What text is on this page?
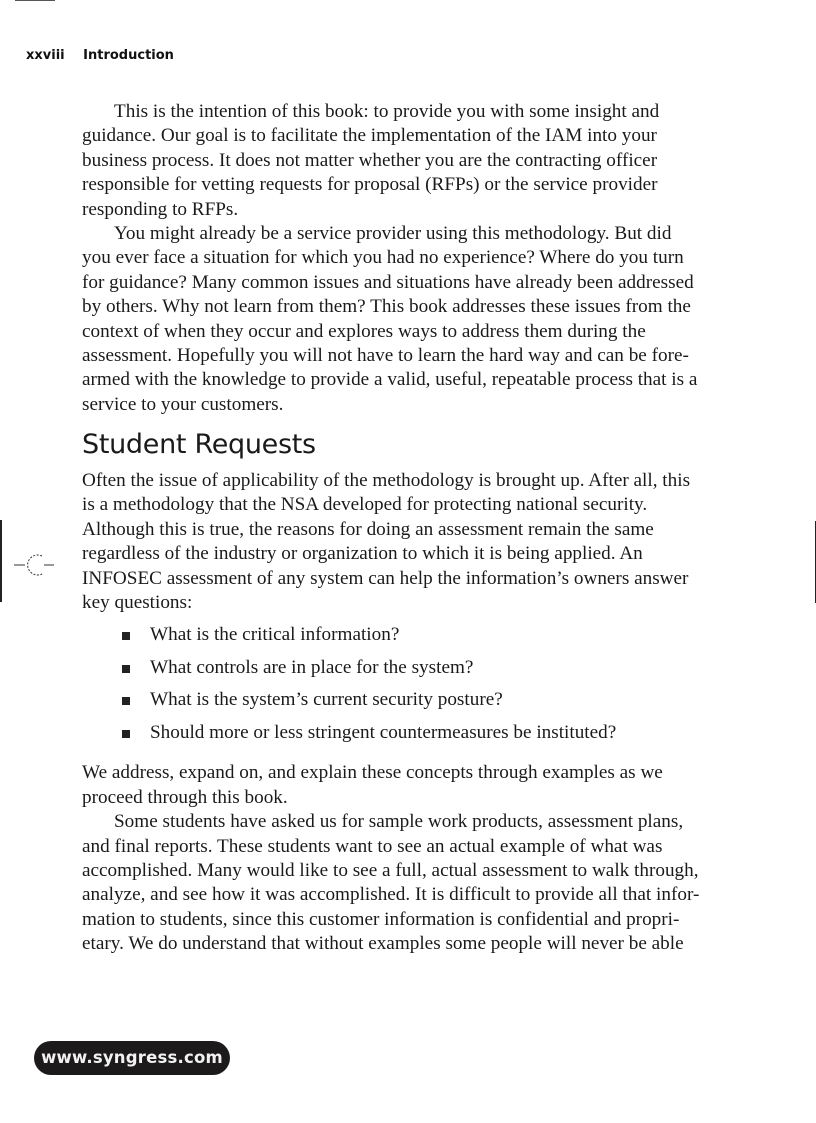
xxviii Introduction
This is the intention of this book: to provide you with some insight and
guidance. Our goal is to facilitate the implementation of the IAM into your
business process. It does not matter whether you are the contracting officer
responsible for vetting requests for proposal (RFPs) or the service provider
responding to RFPs.
You might already be a service provider using this methodology. But did
you ever face a situation for which you had no experience? Where do you turn
for guidance? Many common issues and situations have already been addressed
by others. Why not learn from them? This book addresses these issues from the
context of when they occur and explores ways to address them during the
assessment. Hopefully you will not have to learn the hard way and can be fore-
armed with the knowledge to provide a valid, useful, repeatable process that is a
service to your customers.
Student Requests
Often the issue of applicability of the methodology is brought up. After all, this
is a methodology that the NSA developed for protecting national security.
Although this is true, the reasons for doing an assessment remain the same
regardless of the industry or organization to which it is being applied. An
INFOSEC assessment of any system can help the information’s owners answer
key questions:
What is the critical information?
What controls are in place for the system?
What is the system’s current security posture?
Should more or less stringent countermeasures be instituted?
We address, expand on, and explain these concepts through examples as we
proceed through this book.
Some students have asked us for sample work products, assessment plans,
and final reports. These students want to see an actual example of what was
accomplished. Many would like to see a full, actual assessment to walk through,
analyze, and see how it was accomplished. It is difficult to provide all that infor-
mation to students, since this customer information is confidential and propri-
etary. We do understand that without examples some people will never be able
www.syngress.com
